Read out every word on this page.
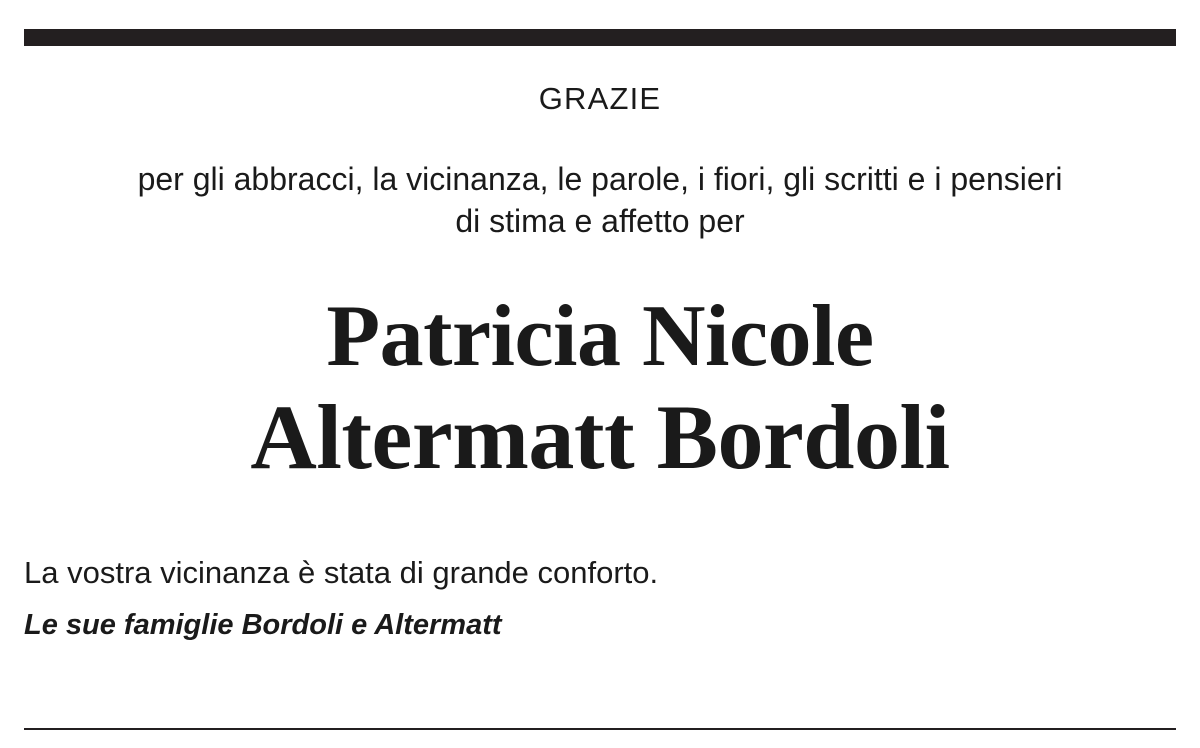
GRAZIE
per gli abbracci, la vicinanza, le parole, i fiori, gli scritti e i pensieri
di stima e affetto per
Patricia Nicole
Altermatt Bordoli
La vostra vicinanza è stata di grande conforto.
Le sue famiglie Bordoli e Altermatt
